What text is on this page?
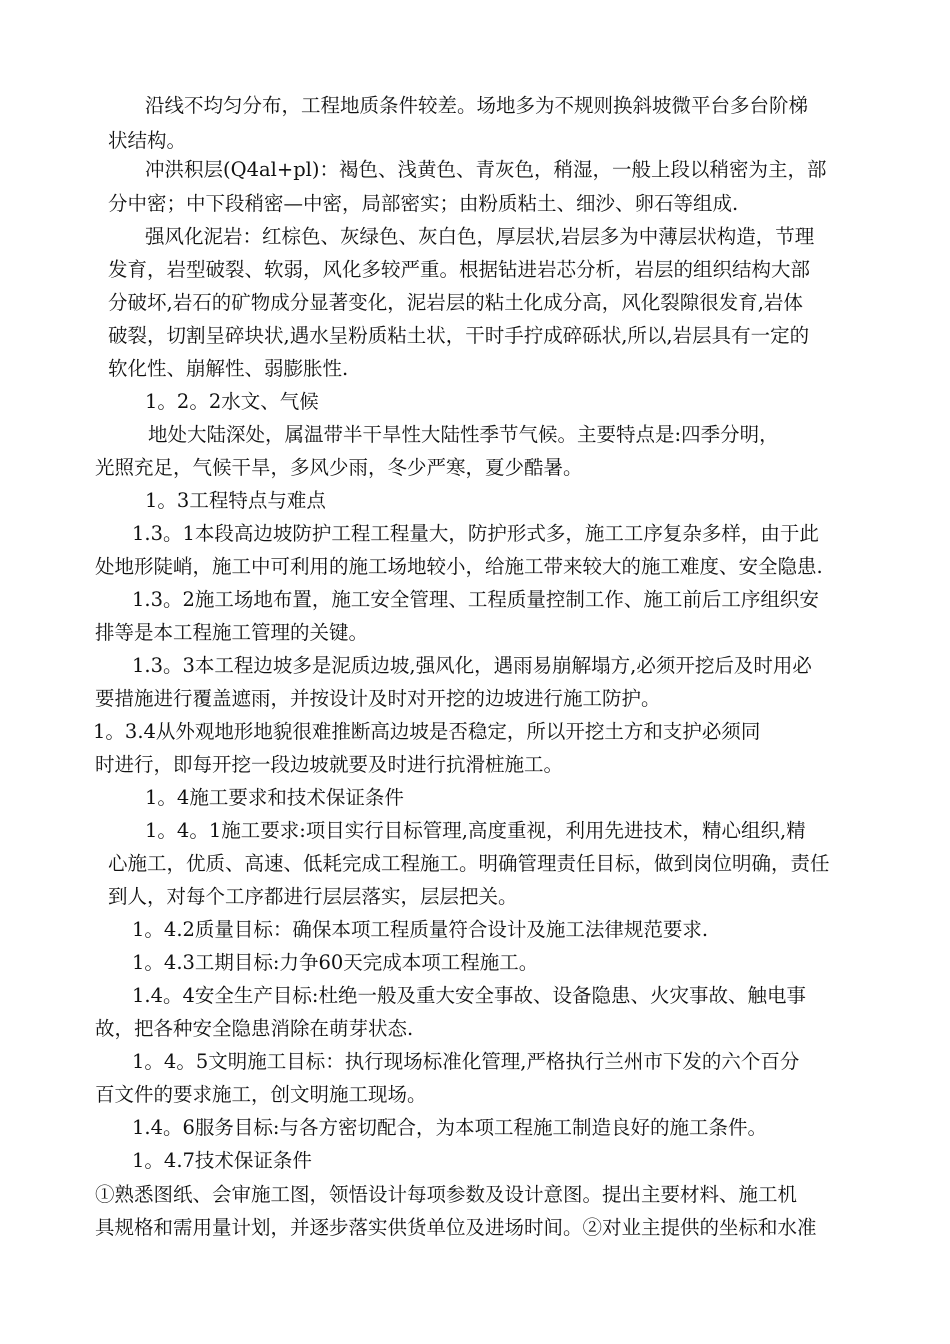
沿线不均匀分布，工程地质条件较差。场地多为不规则换斜坡微平台多台阶梯
状结构。
冲洪积层(Q4al+pl)：褐色、浅黄色、青灰色，稍湿，一般上段以稍密为主，部
分中密；中下段稍密—中密，局部密实；由粉质粘土、细沙、卵石等组成.
强风化泥岩：红棕色、灰绿色、灰白色，厚层状,岩层多为中薄层状构造，节理
发育，岩型破裂、软弱，风化多较严重。根据钻进岩芯分析，岩层的组织结构大部
分破坏,岩石的矿物成分显著变化，泥岩层的粘土化成分高，风化裂隙很发育,岩体
破裂，切割呈碎块状,遇水呈粉质粘土状，干时手拧成碎砾状,所以,岩层具有一定的
软化性、崩解性、弱膨胀性.
1。2。2水文、气候
地处大陆深处，属温带半干旱性大陆性季节气候。主要特点是:四季分明，
光照充足，气候干旱，多风少雨，冬少严寒，夏少酷暑。
1。3工程特点与难点
1.3。1本段高边坡防护工程工程量大，防护形式多，施工工序复杂多样，由于此
处地形陡峭，施工中可利用的施工场地较小，给施工带来较大的施工难度、安全隐患.
1.3。2施工场地布置，施工安全管理、工程质量控制工作、施工前后工序组织安
排等是本工程施工管理的关键。
1.3。3本工程边坡多是泥质边坡,强风化，遇雨易崩解塌方,必须开挖后及时用必
要措施进行覆盖遮雨，并按设计及时对开挖的边坡进行施工防护。
1。3.4从外观地形地貌很难推断高边坡是否稳定，所以开挖土方和支护必须同
时进行，即每开挖一段边坡就要及时进行抗滑桩施工。
1。4施工要求和技术保证条件
1。4。1施工要求:项目实行目标管理,高度重视，利用先进技术，精心组织,精
心施工，优质、高速、低耗完成工程施工。明确管理责任目标，做到岗位明确，责任
到人，对每个工序都进行层层落实，层层把关。
1。4.2质量目标：确保本项工程质量符合设计及施工法律规范要求.
1。4.3工期目标:力争60天完成本项工程施工。
1.4。4安全生产目标:杜绝一般及重大安全事故、设备隐患、火灾事故、触电事
故，把各种安全隐患消除在萌芽状态.
1。4。5文明施工目标：执行现场标准化管理,严格执行兰州市下发的六个百分
百文件的要求施工，创文明施工现场。
1.4。6服务目标:与各方密切配合，为本项工程施工制造良好的施工条件。
1。4.7技术保证条件
①熟悉图纸、会审施工图，领悟设计每项参数及设计意图。提出主要材料、施工机
具规格和需用量计划，并逐步落实供货单位及进场时间。②对业主提供的坐标和水准
